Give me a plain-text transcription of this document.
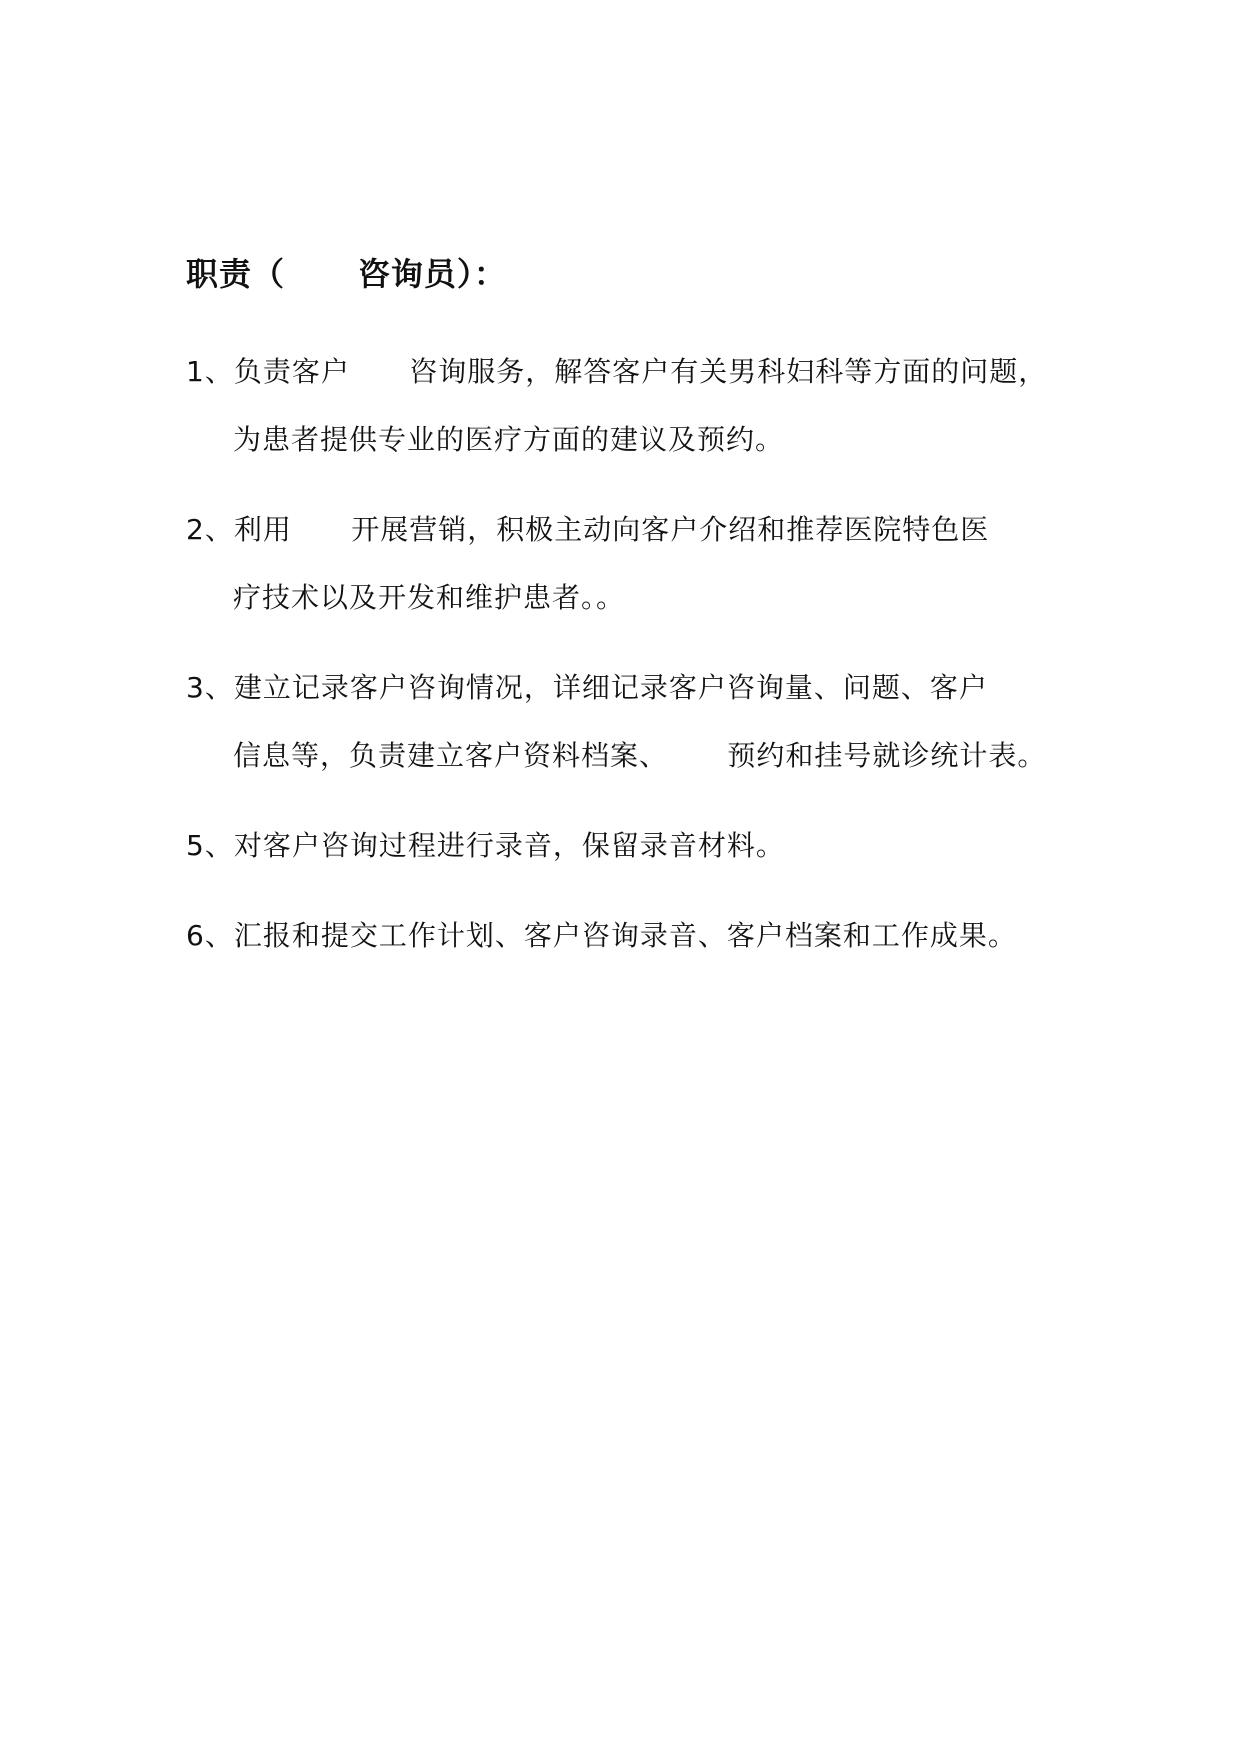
职责（      咨询员）：
1、负责客户      咨询服务，解答客户有关男科妇科等方面的问题，
为患者提供专业的医疗方面的建议及预约。
2、利用      开展营销，积极主动向客户介绍和推荐医院特色医
疗技术以及开发和维护患者。。
3、建立记录客户咨询情况，详细记录客户咨询量、问题、客户
信息等，负责建立客户资料档案、      预约和挂号就诊统计表。
5、对客户咨询过程进行录音，保留录音材料。
6、汇报和提交工作计划、客户咨询录音、客户档案和工作成果。
